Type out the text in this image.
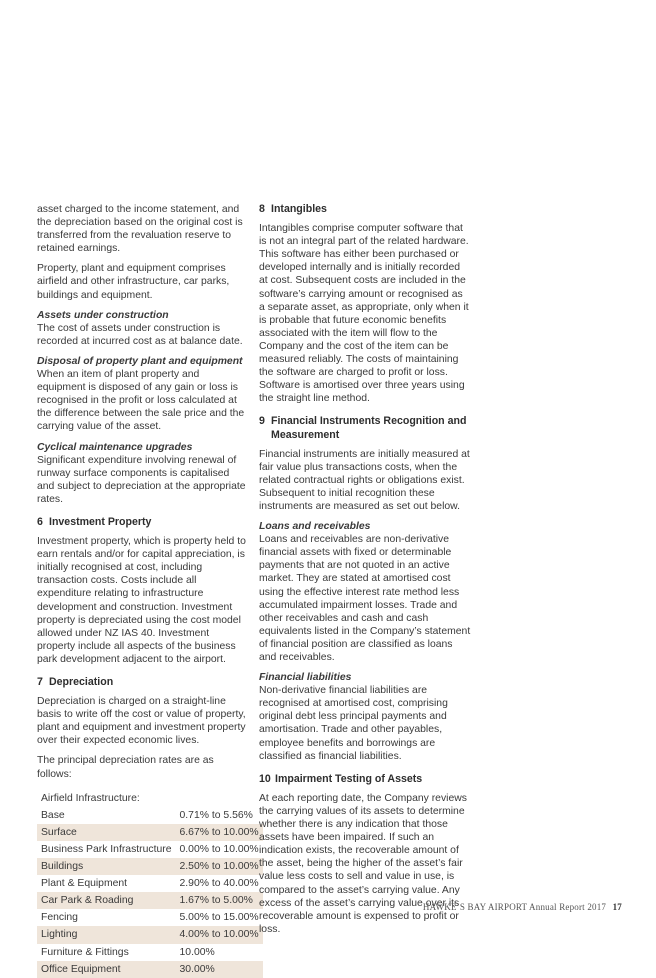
asset charged to the income statement, and the depreciation based on the original cost is transferred from the revaluation reserve to retained earnings.

Property, plant and equipment comprises airfield and other infrastructure, car parks, buildings and equipment.

Assets under construction

The cost of assets under construction is recorded at incurred cost as at balance date.

Disposal of property plant and equipment

When an item of plant property and equipment is disposed of any gain or loss is recognised in the profit or loss calculated at the difference between the sale price and the carrying value of the asset.

Cyclical maintenance upgrades

Significant expenditure involving renewal of runway surface components is capitalised and subject to depreciation at the appropriate rates.

6 Investment Property

Investment property, which is property held to earn rentals and/or for capital appreciation, is initially recognised at cost, including transaction costs. Costs include all expenditure relating to infrastructure development and construction. Investment property is depreciated using the cost model allowed under NZ IAS 40. Investment property include all aspects of the business park development adjacent to the airport.

7 Depreciation

Depreciation is charged on a straight-line basis to write off the cost or value of property, plant and equipment and investment property over their expected economic lives.

The principal depreciation rates are as follows:

Airfield Infrastructure:	
Base	0.71% to 5.56%
Surface	6.67% to 10.00%
Business Park Infrastructure	0.00% to 10.00%
Buildings	2.50% to 10.00%
Plant & Equipment	2.90% to 40.00%
Car Park & Roading	1.67% to 5.00%
Fencing	5.00% to 15.00%
Lighting	4.00% to 10.00%
Furniture & Fittings	10.00%
Office Equipment	30.00%
8 Intangibles

Intangibles comprise computer software that is not an integral part of the related hardware. This software has either been purchased or developed internally and is initially recorded at cost. Subsequent costs are included in the software’s carrying amount or recognised as a separate asset, as appropriate, only when it is probable that future economic benefits associated with the item will flow to the Company and the cost of the item can be measured reliably. The costs of maintaining the software are charged to profit or loss. Software is amortised over three years using the straight line method.

9 Financial Instruments Recognition and Measurement

Financial instruments are initially measured at fair value plus transactions costs, when the related contractual rights or obligations exist. Subsequent to initial recognition these instruments are measured as set out below.

Loans and receivables

Loans and receivables are non-derivative financial assets with fixed or determinable payments that are not quoted in an active market. They are stated at amortised cost using the effective interest rate method less accumulated impairment losses. Trade and other receivables and cash and cash equivalents listed in the Company’s statement of financial position are classified as loans and receivables.

Financial liabilities

Non-derivative financial liabilities are recognised at amortised cost, comprising original debt less principal payments and amortisation. Trade and other payables, employee benefits and borrowings are classified as financial liabilities.

10 Impairment Testing of Assets

At each reporting date, the Company reviews the carrying values of its assets to determine whether there is any indication that those assets have been impaired. If such an indication exists, the recoverable amount of the asset, being the higher of the asset’s fair value less costs to sell and value in use, is compared to the asset’s carrying value. Any excess of the asset’s carrying value over its recoverable amount is expensed to profit or loss.

HAWKE’S BAY AIRPORT Annual Report 2017 17
